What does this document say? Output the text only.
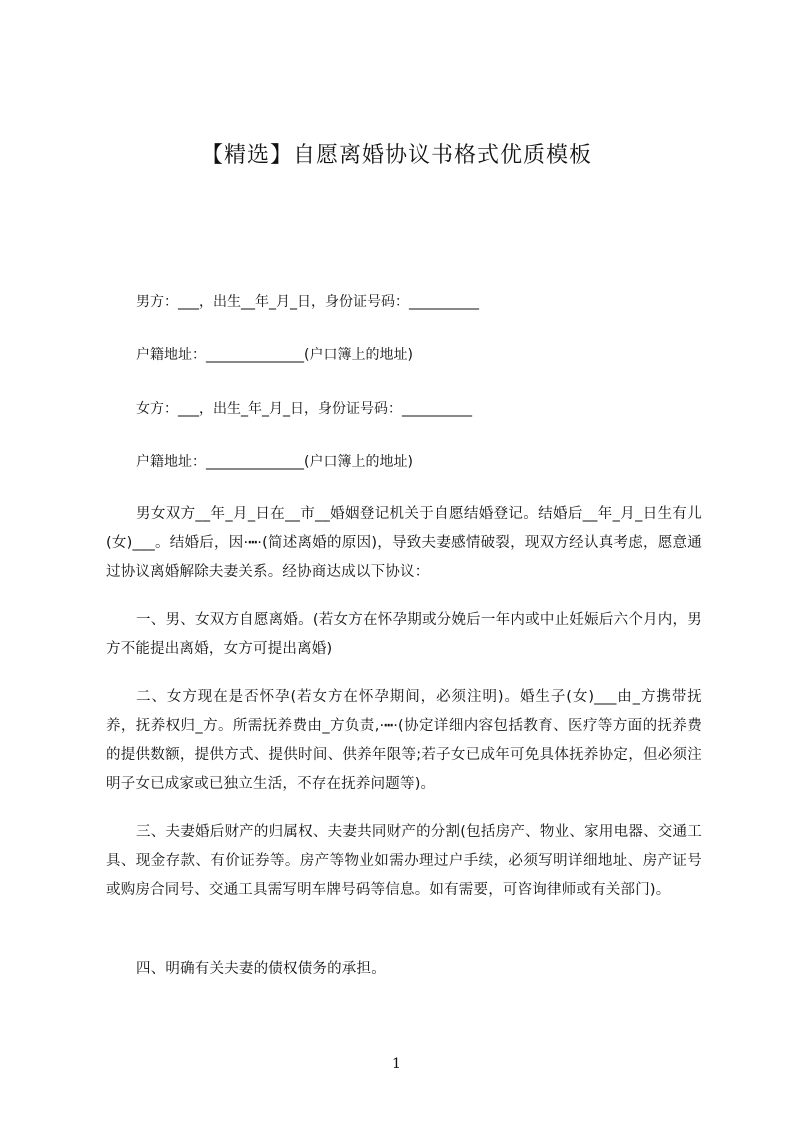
【精选】自愿离婚协议书格式优质模板
男方：___，出生__年_月_日，身份证号码：__________
户籍地址：______________(户口簿上的地址)
女方：___，出生_年_月_日，身份证号码：__________
户籍地址：______________(户口簿上的地址)
男女双方__年_月_日在__市__婚姻登记机关于自愿结婚登记。结婚后__年_月_日生有儿(女)___。结婚后，因·┅·(简述离婚的原因)，导致夫妻感情破裂，现双方经认真考虑，愿意通过协议离婚解除夫妻关系。经协商达成以下协议：
一、男、女双方自愿离婚。(若女方在怀孕期或分娩后一年内或中止妊娠后六个月内，男方不能提出离婚，女方可提出离婚)
二、女方现在是否怀孕(若女方在怀孕期间，必须注明)。婚生子(女)___由_方携带抚养，抚养权归_方。所需抚养费由_方负责,·┅·(协定详细内容包括教育、医疗等方面的抚养费的提供数额，提供方式、提供时间、供养年限等;若子女已成年可免具体抚养协定，但必须注明子女已成家或已独立生活，不存在抚养问题等)。
三、夫妻婚后财产的归属权、夫妻共同财产的分割(包括房产、物业、家用电器、交通工具、现金存款、有价证券等。房产等物业如需办理过户手续，必须写明详细地址、房产证号或购房合同号、交通工具需写明车牌号码等信息。如有需要，可咨询律师或有关部门)。
四、明确有关夫妻的债权债务的承担。
1
